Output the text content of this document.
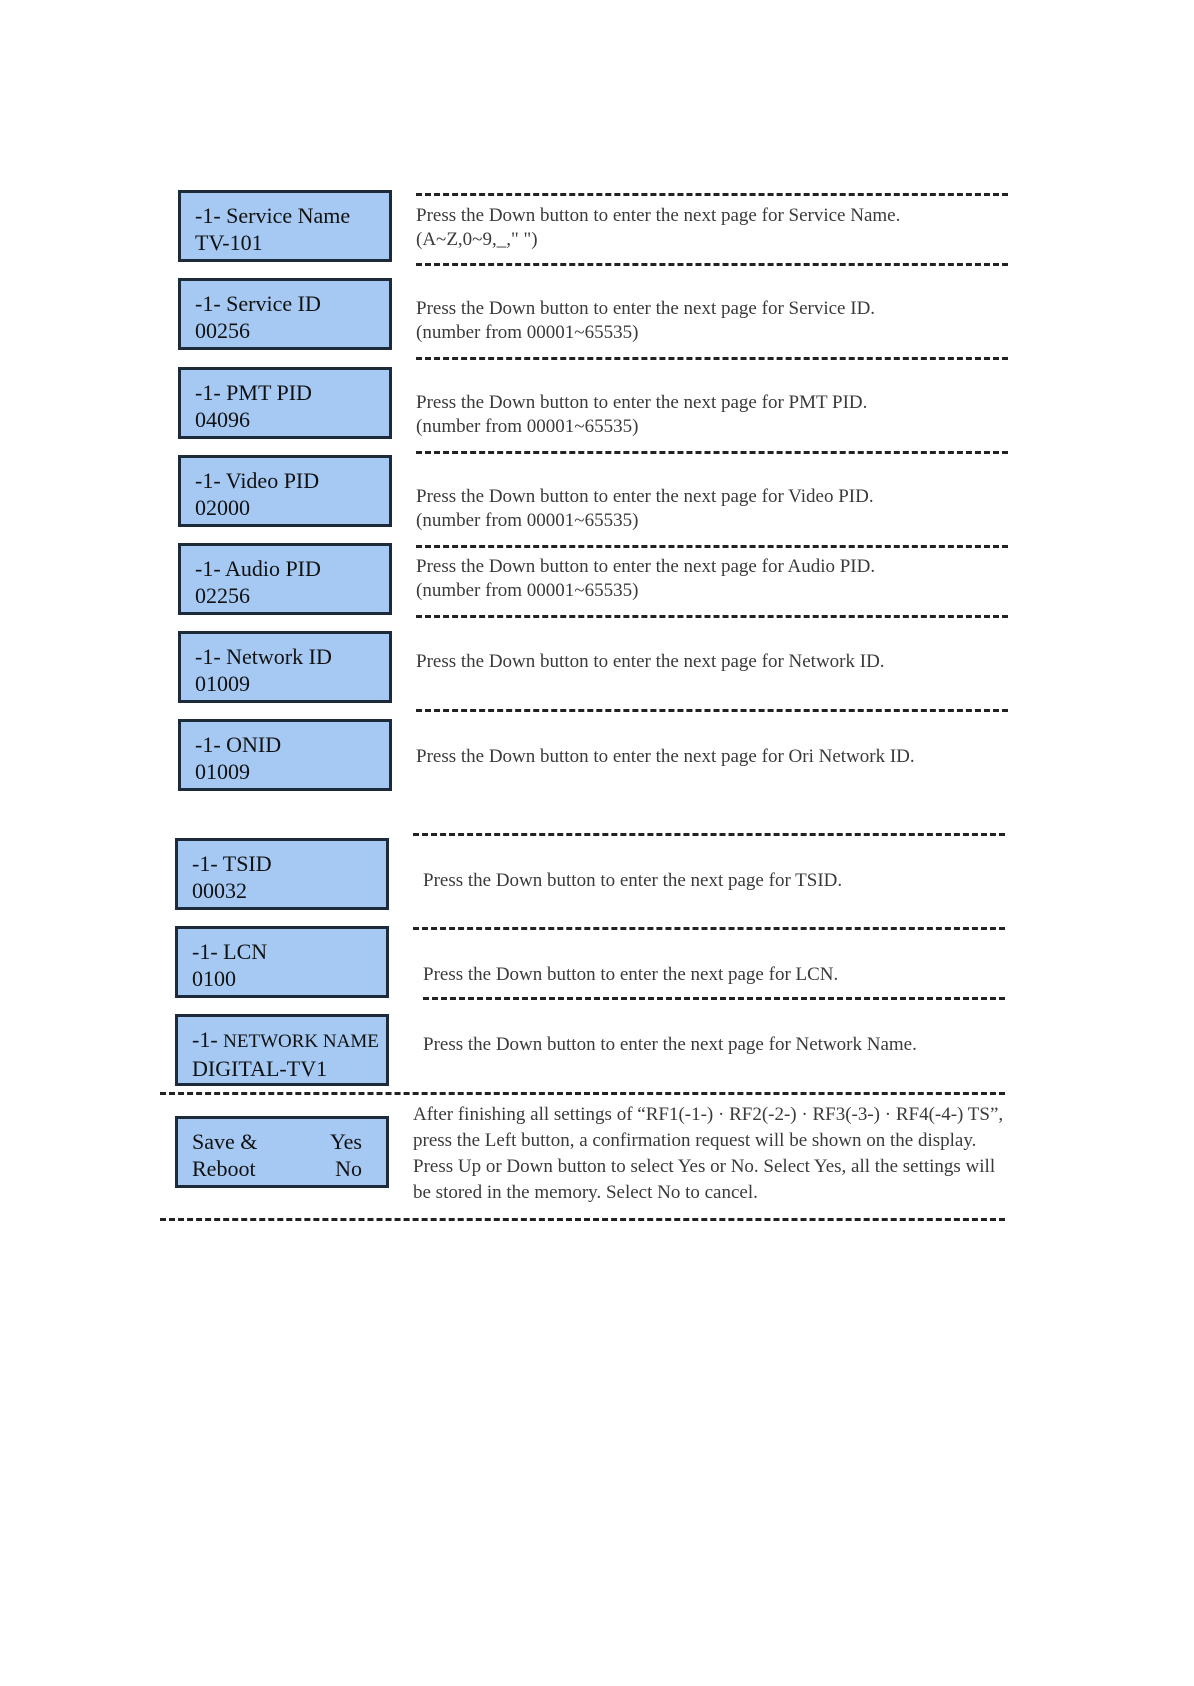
-1- Service Name
TV-101
-1- Service ID
00256
-1- PMT PID
04096
-1- Video PID
02000
-1- Audio PID
02256
-1- Network ID
01009
-1- ONID
01009
-1- TSID
00032
-1- LCN
0100
-1- NETWORK NAME
DIGITAL-TV1
Save &	Yes
Reboot	No
Press the Down button to enter the next page for Service Name.
(A~Z,0~9,_," ")
Press the Down button to enter the next page for Service ID.
(number from 00001~65535)
Press the Down button to enter the next page for PMT PID.
(number from 00001~65535)
Press the Down button to enter the next page for Video PID.
(number from 00001~65535)
Press the Down button to enter the next page for Audio PID.
(number from 00001~65535)
Press the Down button to enter the next page for Network ID.
Press the Down button to enter the next page for Ori Network ID.
Press the Down button to enter the next page for TSID.
Press the Down button to enter the next page for LCN.
Press the Down button to enter the next page for Network Name.
After finishing all settings of “RF1(-1-) · RF2(-2-) · RF3(-3-) · RF4(-4-) TS”,
press the Left button, a confirmation request will be shown on the display.
Press Up or Down button to select Yes or No. Select Yes, all the settings will
be stored in the memory. Select No to cancel.
